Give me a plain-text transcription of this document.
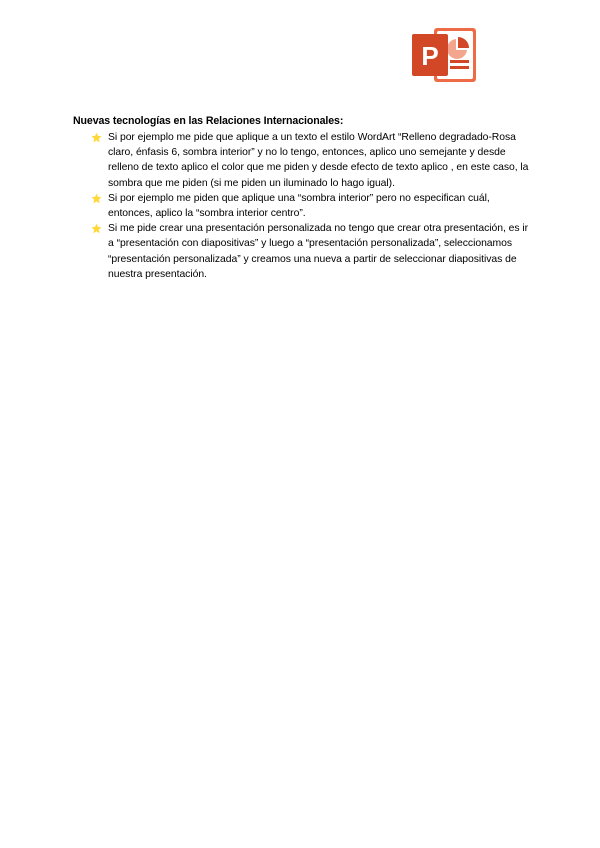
P

Nuevas tecnologías en las Relaciones Internacionales:

Si por ejemplo me pide que aplique a un texto el estilo WordArt “Relleno degradado-Rosa claro, énfasis 6, sombra interior” y no lo tengo, entonces, aplico uno semejante y desde relleno de texto aplico el color que me piden y desde efecto de texto aplico , en este caso, la sombra que me piden (si me piden un iluminado lo hago igual).
Si por ejemplo me piden que aplique una “sombra interior” pero no especifican cuál, entonces, aplico la “sombra interior centro”.
Si me pide crear una presentación personalizada no tengo que crear otra presentación, es ir a “presentación con diapositivas” y luego a “presentación personalizada”, seleccionamos “presentación personalizada” y creamos una nueva a partir de seleccionar diapositivas de nuestra presentación.
